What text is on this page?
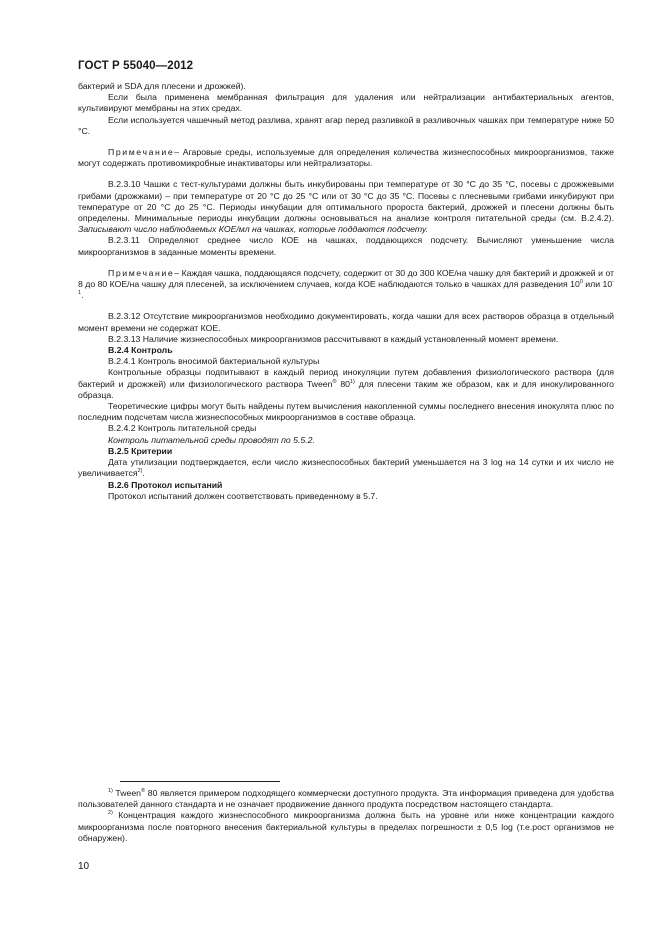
ГОСТ Р 55040—2012

бактерий и SDA для плесени и дрожжей).

Если была применена мембранная фильтрация для удаления или нейтрализации антибактериальных агентов, культивируют мембраны на этих средах.

Если используется чашечный метод разлива, хранят агар перед разливкой в разливочных чашках при температуре ниже 50 °C.

Примечание– Агаровые среды, используемые для определения количества жизнеспособных микроорганизмов, также могут содержать противомикробные инактиваторы или нейтрализаторы.

В.2.3.10 Чашки с тест-культурами должны быть инкубированы при температуре от 30 °C до 35 °C, посевы с дрожжевыми грибами (дрожжами) – при температуре от 20 °C до 25 °C или от 30 °C до 35 °C. Посевы с плесневыми грибами инкубируют при температуре от 20 °C до 25 °C. Периоды инкубации для оптимального пророста бактерий, дрожжей и плесени должны быть определены. Минимальные периоды инкубации должны основываться на анализе контроля питательной среды (см. В.2.4.2). Записывают число наблюдаемых КОЕ/мл на чашках, которые поддаются подсчету.

В.2.3.11 Определяют среднее число КОЕ на чашках, поддающихся подсчету. Вычисляют уменьшение числа микроорганизмов в заданные моменты времени.

Примечание– Каждая чашка, поддающаяся подсчету, содержит от 30 до 300 КОЕ/на чашку для бактерий и дрожжей и от 8 до 80 КОЕ/на чашку для плесеней, за исключением случаев, когда КОЕ наблюдаются только в чашках для разведения $10^0$ или $10^{-1}$.

В.2.3.12 Отсутствие микроорганизмов необходимо документировать, когда чашки для всех растворов образца в отдельный момент времени не содержат КОЕ.

В.2.3.13 Наличие жизнеспособных микроорганизмов рассчитывают в каждый установленный момент времени.

В.2.4 Контроль

В.2.4.1 Контроль вносимой бактериальной культуры

Контрольные образцы подпитывают в каждый период инокуляции путем добавления физиологического раствора (для бактерий и дрожжей) или физиологического раствора Tween® 80$^{1)}$ для плесени таким же образом, как и для инокулированного образца.

Теоретические цифры могут быть найдены путем вычисления накопленной суммы последнего внесения инокулята плюс по последним подсчетам числа жизнеспособных микроорганизмов в составе образца.

В.2.4.2 Контроль питательной среды

Контроль питательной среды проводят по 5.5.2.

В.2.5 Критерии

Дата утилизации подтверждается, если число жизнеспособных бактерий уменьшается на 3 log на 14 сутки и их число не увеличивается$^{2)}$.

В.2.6 Протокол испытаний

Протокол испытаний должен соответствовать приведенному в 5.7.

$^{1)}$ Tween® 80 является примером подходящего коммерчески доступного продукта. Эта информация приведена для удобства пользователей данного стандарта и не означает продвижение данного продукта посредством настоящего стандарта.

$^{2)}$ Концентрация каждого жизнеспособного микроорганизма должна быть на уровне или ниже концентрации каждого микроорганизма после повторного внесения бактериальной культуры в пределах погрешности ± 0,5 log (т.е.рост организмов не обнаружен).

10
